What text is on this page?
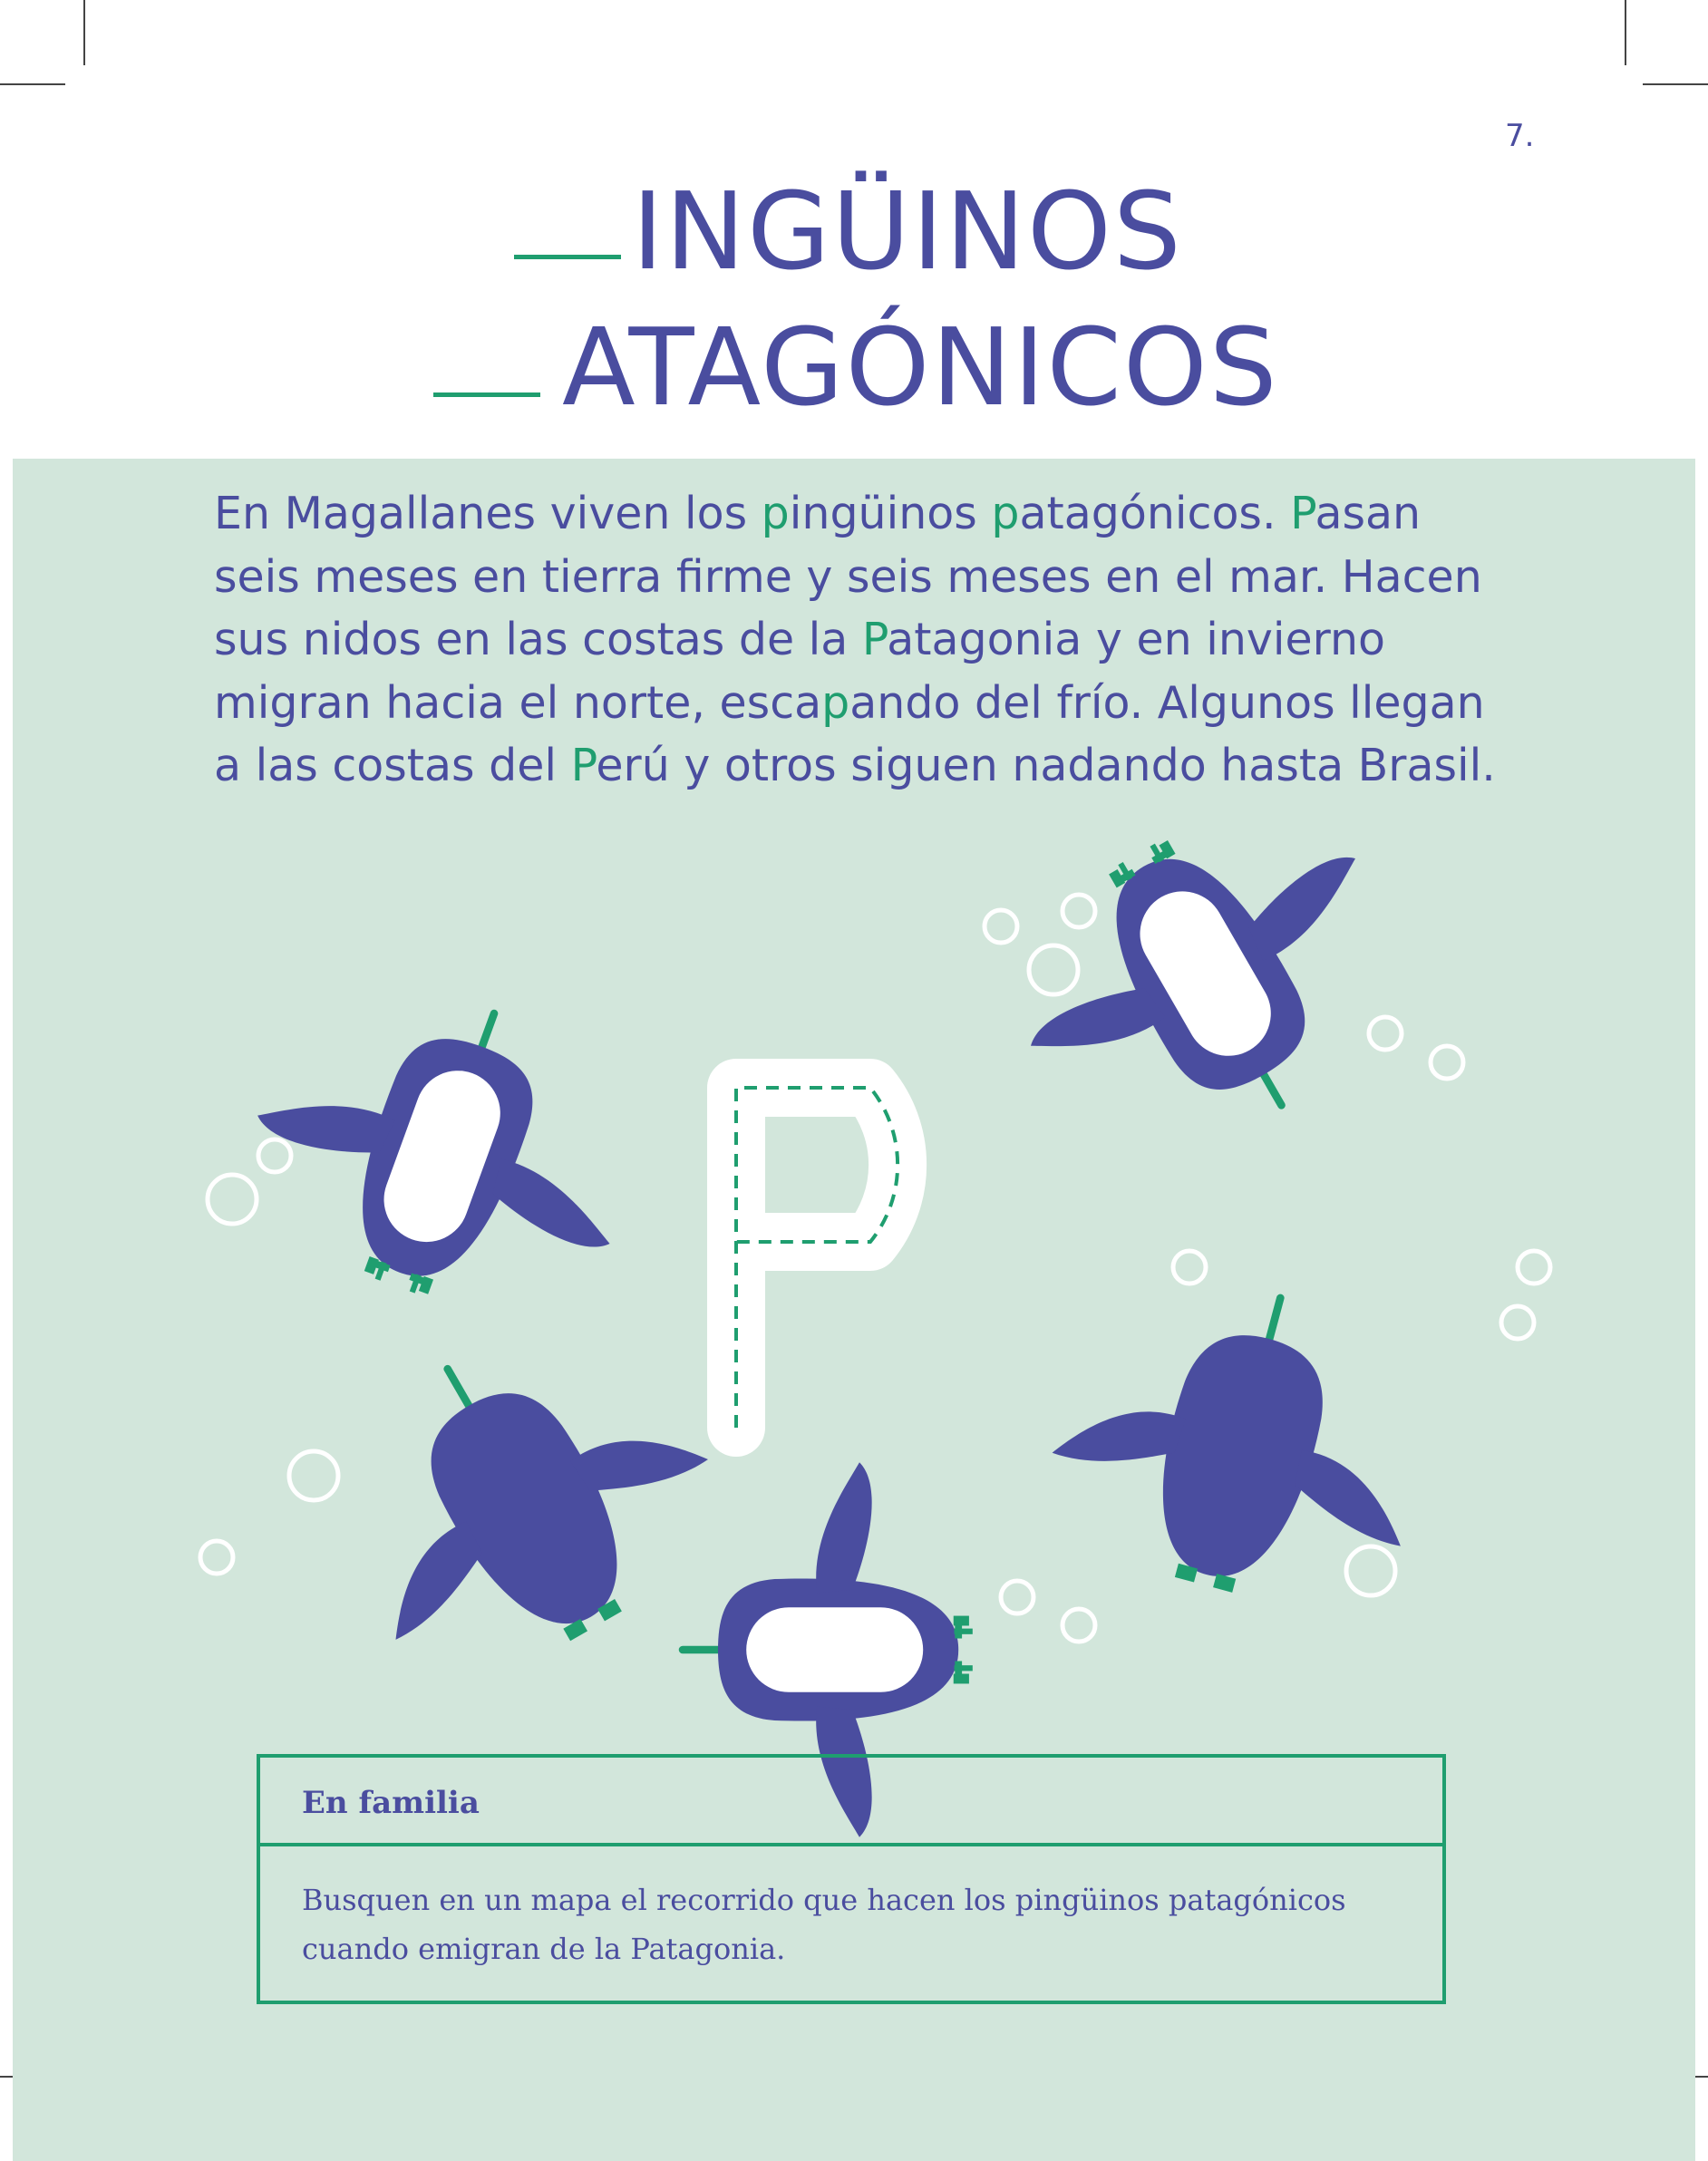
7.
INGÜINOS
ATAGÓNICOS
En Magallanes viven los pingüinos patagónicos. Pasan seis meses en tierra firme y seis meses en el mar. Hacen sus nidos en las costas de la Patagonia y en invierno migran hacia el norte, escapando del frío. Algunos llegan a las costas del Perú y otros siguen nadando hasta Brasil.
En familia
Busquen en un mapa el recorrido que hacen los pingüinos patagónicos cuando emigran de la Patagonia.
